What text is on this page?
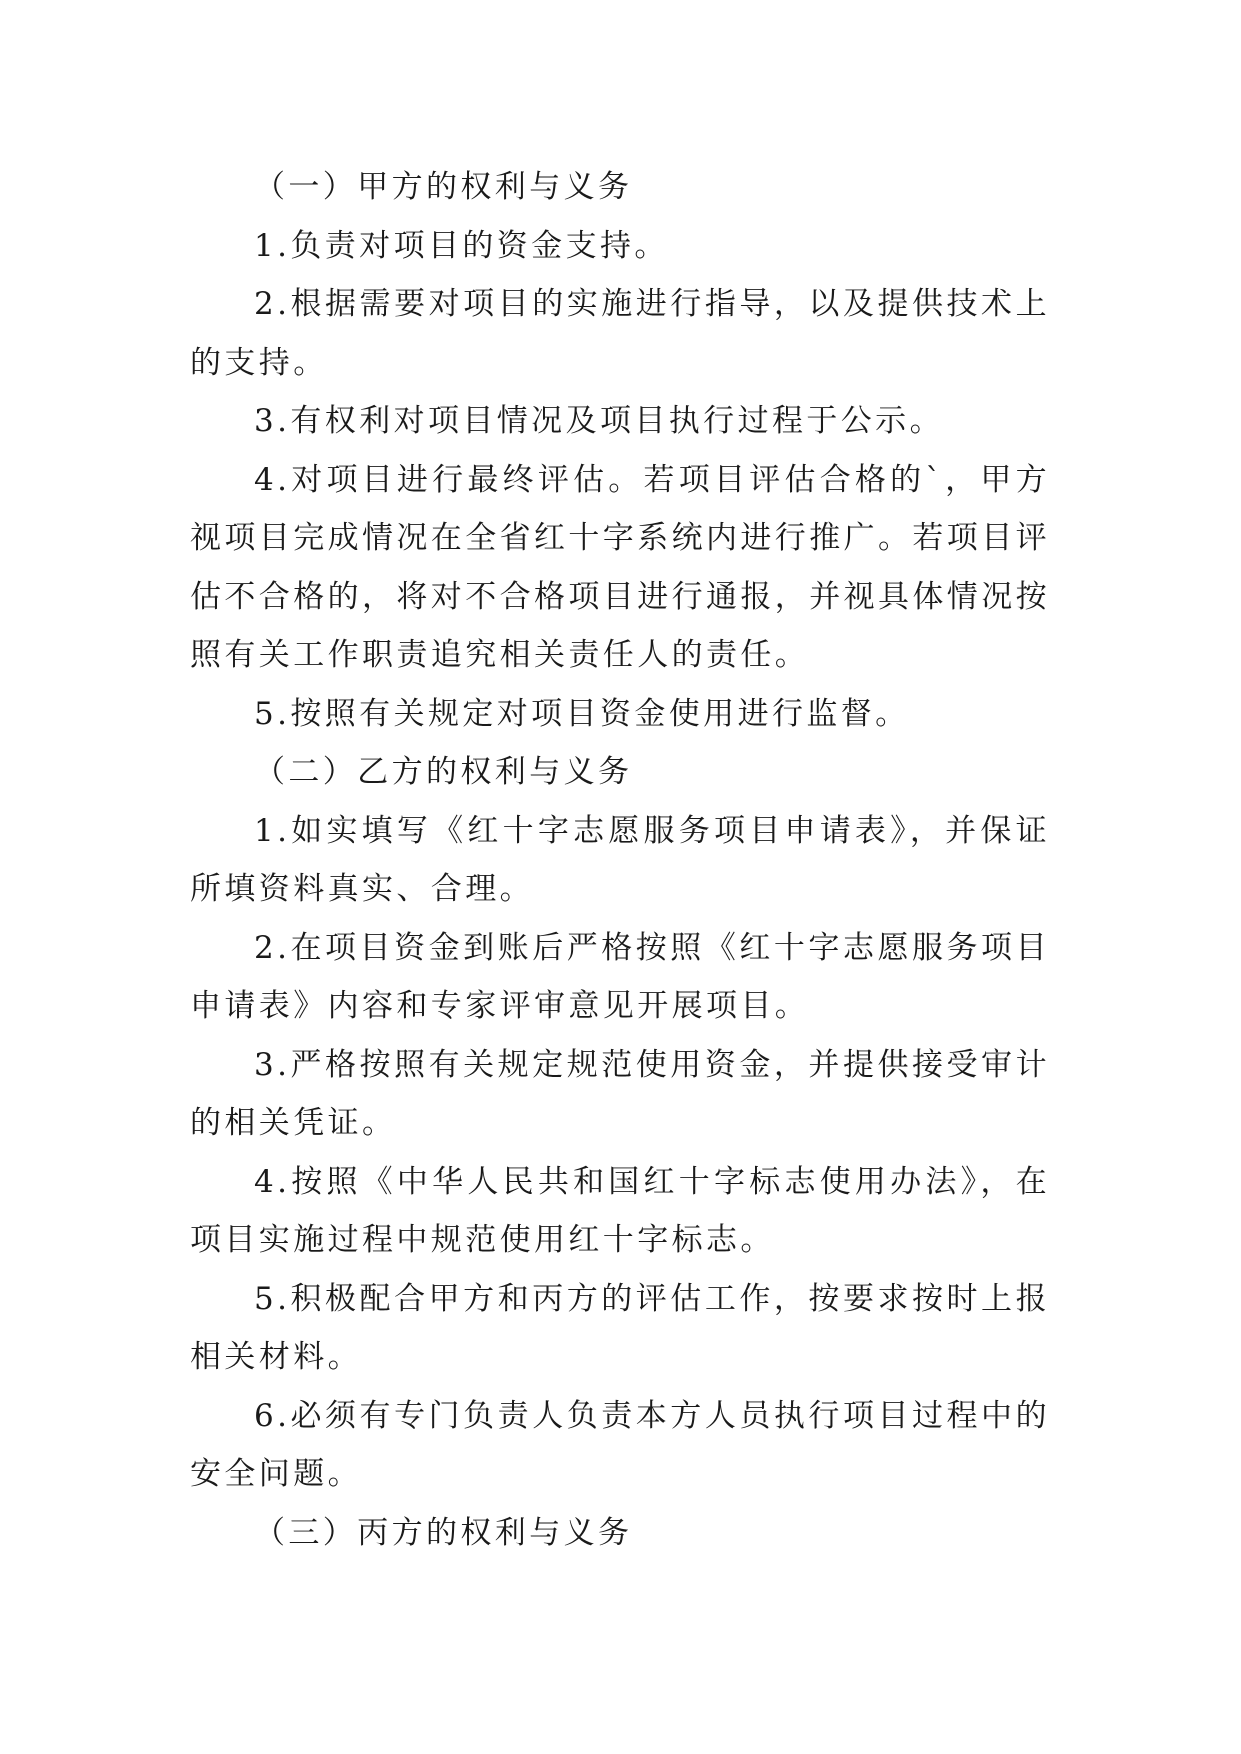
（一）甲方的权利与义务

1.负责对项目的资金支持。

2.根据需要对项目的实施进行指导，以及提供技术上的支持。

3.有权利对项目情况及项目执行过程于公示。

4.对项目进行最终评估。若项目评估合格的`，甲方视项目完成情况在全省红十字系统内进行推广。若项目评估不合格的，将对不合格项目进行通报，并视具体情况按照有关工作职责追究相关责任人的责任。

5.按照有关规定对项目资金使用进行监督。

（二）乙方的权利与义务

1.如实填写《红十字志愿服务项目申请表》，并保证所填资料真实、合理。

2.在项目资金到账后严格按照《红十字志愿服务项目申请表》内容和专家评审意见开展项目。

3.严格按照有关规定规范使用资金，并提供接受审计的相关凭证。

4.按照《中华人民共和国红十字标志使用办法》，在项目实施过程中规范使用红十字标志。

5.积极配合甲方和丙方的评估工作，按要求按时上报相关材料。

6.必须有专门负责人负责本方人员执行项目过程中的安全问题。

（三）丙方的权利与义务
